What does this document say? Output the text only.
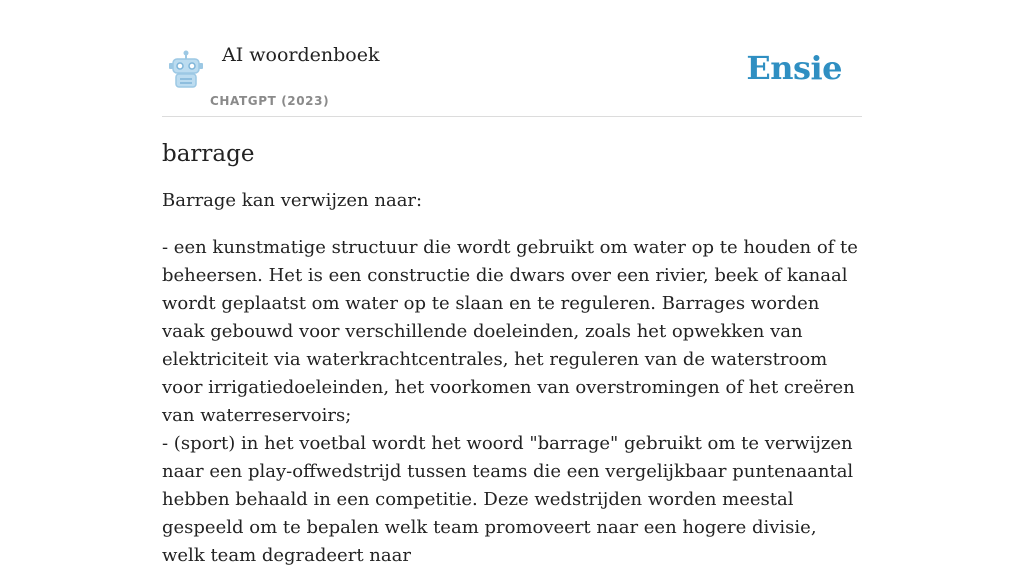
AI woordenboek
CHATGPT (2023)
Ensie
barrage

Barrage kan verwijzen naar:

- een kunstmatige structuur die wordt gebruikt om water op te houden of te beheersen. Het is een constructie die dwars over een rivier, beek of kanaal wordt geplaatst om water op te slaan en te reguleren. Barrages worden vaak gebouwd voor verschillende doeleinden, zoals het opwekken van elektriciteit via waterkrachtcentrales, het reguleren van de waterstroom voor irrigatiedoeleinden, het voorkomen van overstromingen of het creëren van waterreservoirs;

- (sport) in het voetbal wordt het woord "barrage" gebruikt om te verwijzen naar een play-offwedstrijd tussen teams die een vergelijkbaar puntenaantal hebben behaald in een competitie. Deze wedstrijden worden meestal gespeeld om te bepalen welk team promoveert naar een hogere divisie, welk team degradeert naar
